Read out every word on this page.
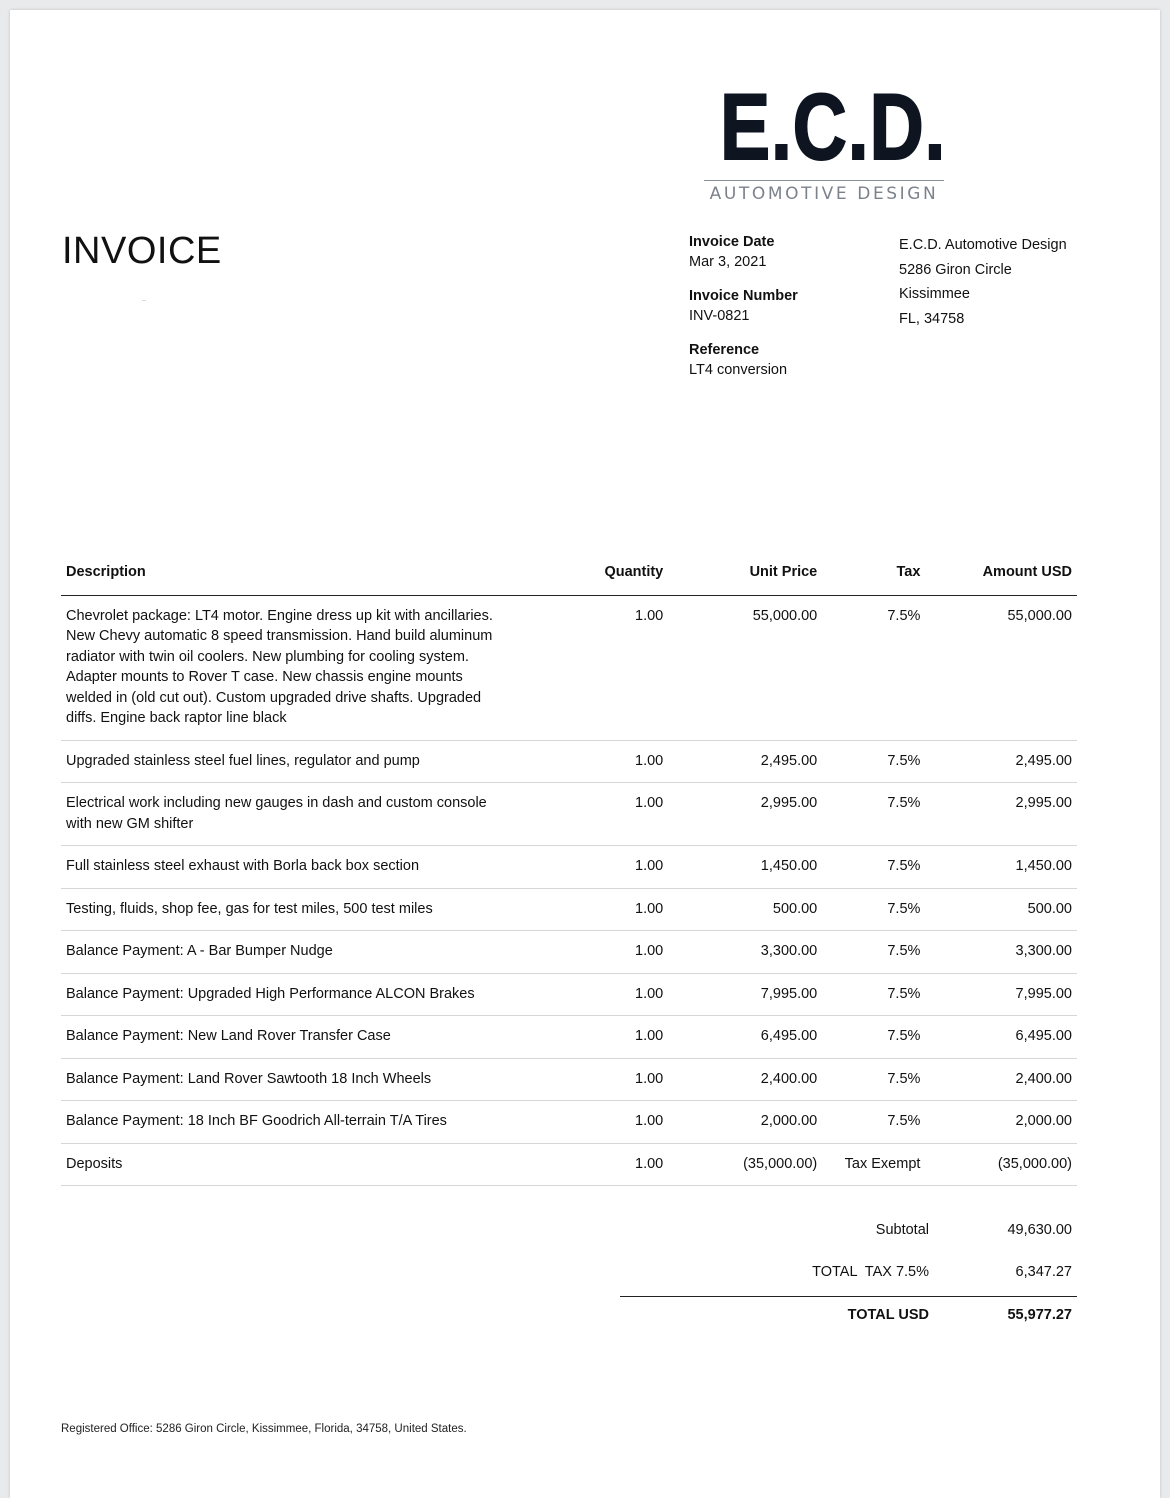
E.C.D.
AUTOMOTIVE DESIGN
INVOICE	Invoice Date
Mar 3, 2021
Invoice Number
INV-0821
Reference
LT4 conversion
E.C.D. Automotive Design
5286 Giron Circle
Kissimmee
FL, 34758
Description	Quantity	Unit Price	Tax	Amount USD

Chevrolet package: LT4 motor. Engine dress up kit with ancillaries. New Chevy automatic 8 speed transmission. Hand build aluminum radiator with twin oil coolers. New plumbing for cooling system. Adapter mounts to Rover T case. New chassis engine mounts welded in (old cut out). Custom upgraded drive shafts. Upgraded diffs. Engine back raptor line black	1.00	55,000.00	7.5%	55,000.00

Upgraded stainless steel fuel lines, regulator and pump	1.00	2,495.00	7.5%	2,495.00

Electrical work including new gauges in dash and custom console with new GM shifter	1.00	2,995.00	7.5%	2,995.00

Full stainless steel exhaust with Borla back box section	1.00	1,450.00	7.5%	1,450.00

Testing, fluids, shop fee, gas for test miles, 500 test miles	1.00	500.00	7.5%	500.00

Balance Payment: A - Bar Bumper Nudge	1.00	3,300.00	7.5%	3,300.00

Balance Payment: Upgraded High Performance ALCON Brakes	1.00	7,995.00	7.5%	7,995.00

Balance Payment: New Land Rover Transfer Case	1.00	6,495.00	7.5%	6,495.00

Balance Payment: Land Rover Sawtooth 18 Inch Wheels	1.00	2,400.00	7.5%	2,400.00

Balance Payment: 18 Inch BF Goodrich All-terrain T/A Tires	1.00	2,000.00	7.5%	2,000.00

Deposits	1.00	(35,000.00)	Tax Exempt	(35,000.00)
Subtotal	49,630.00
TOTAL  TAX 7.5%	6,347.27
TOTAL USD	55,977.27
Registered Office: 5286 Giron Circle, Kissimmee, Florida, 34758, United States.
